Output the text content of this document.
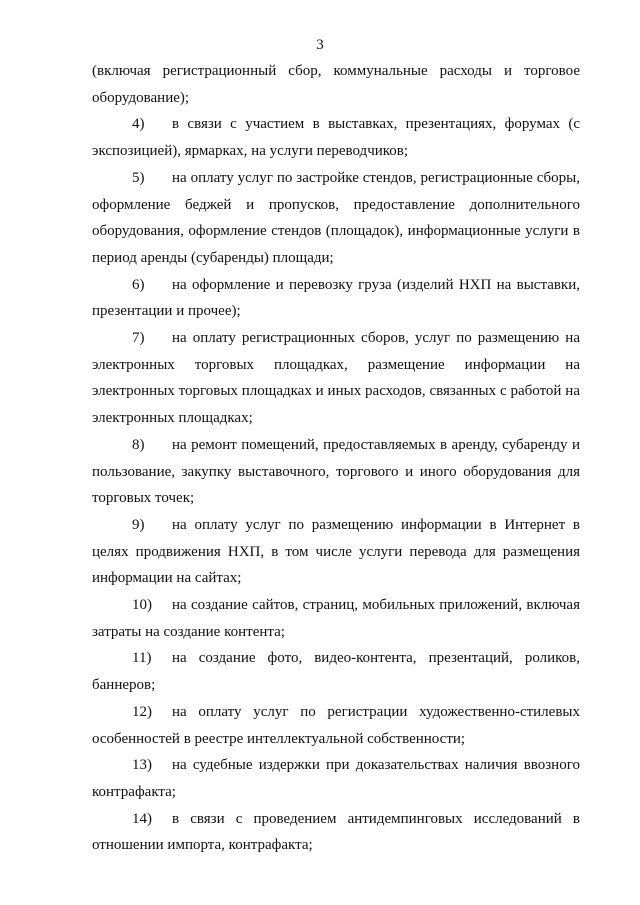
3

(включая регистрационный сбор, коммунальные расходы и торговое оборудование);

4) в связи с участием в выставках, презентациях, форумах (с экспозицией), ярмарках, на услуги переводчиков;

5) на оплату услуг по застройке стендов, регистрационные сборы, оформление беджей и пропусков, предоставление дополнительного оборудования, оформление стендов (площадок), информационные услуги в период аренды (субаренды) площади;

6) на оформление и перевозку груза (изделий НХП на выставки, презентации и прочее);

7) на оплату регистрационных сборов, услуг по размещению на электронных торговых площадках, размещение информации на электронных торговых площадках и иных расходов, связанных с работой на электронных площадках;

8) на ремонт помещений, предоставляемых в аренду, субаренду и пользование, закупку выставочного, торгового и иного оборудования для торговых точек;

9) на оплату услуг по размещению информации в Интернет в целях продвижения НХП, в том числе услуги перевода для размещения информации на сайтах;

10) на создание сайтов, страниц, мобильных приложений, включая затраты на создание контента;

11) на создание фото, видео-контента, презентаций, роликов, баннеров;

12) на оплату услуг по регистрации художественно-стилевых особенностей в реестре интеллектуальной собственности;

13) на судебные издержки при доказательствах наличия ввозного контрафакта;

14) в связи с проведением антидемпинговых исследований в отношении импорта, контрафакта;
